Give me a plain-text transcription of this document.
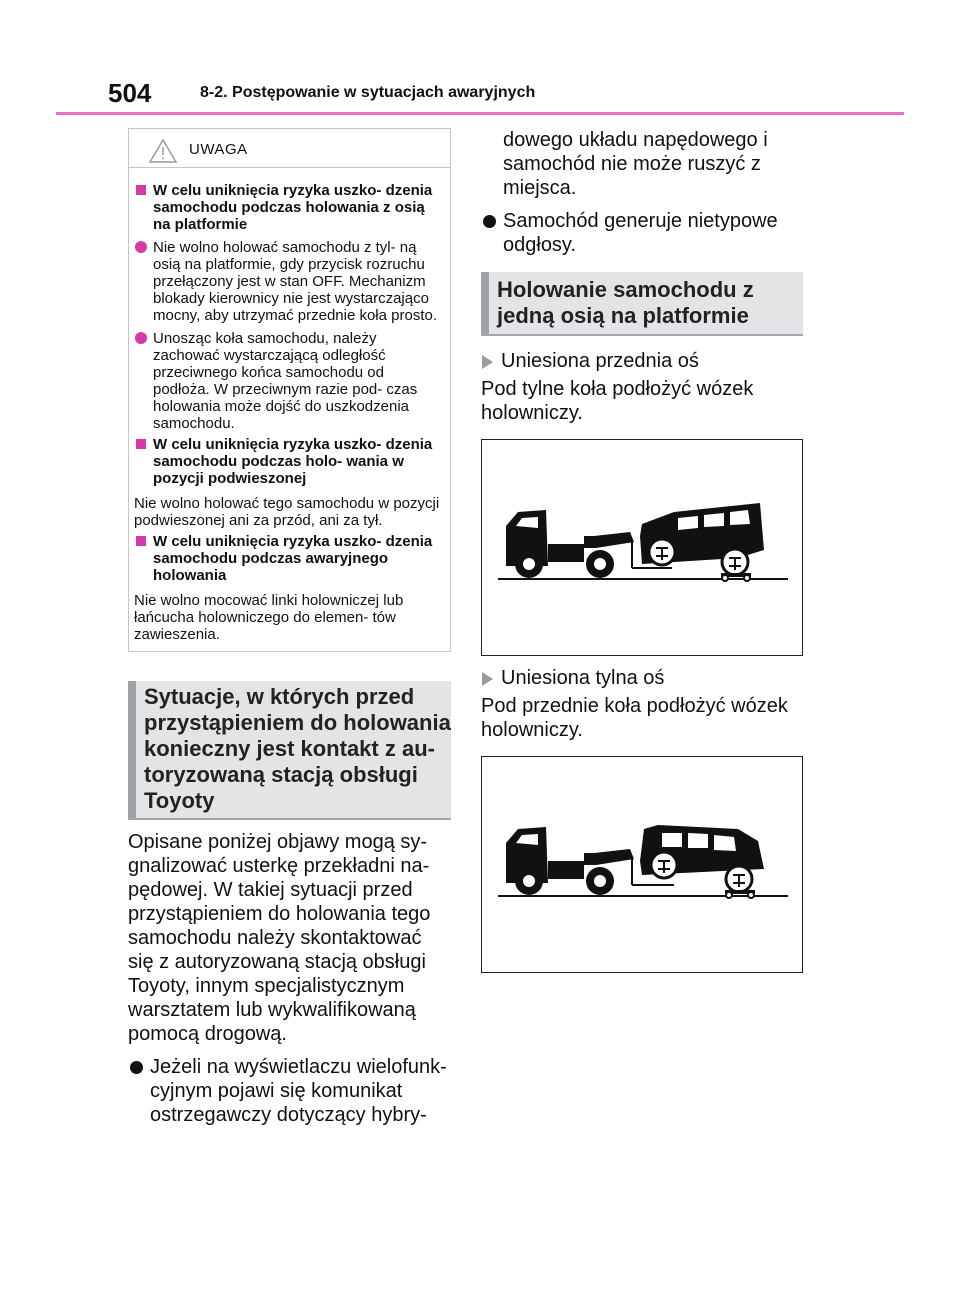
504	8-2. Postępowanie w sytuacjach awaryjnych
UWAGA
W celu uniknięcia ryzyka uszko- dzenia samochodu podczas holowania z osią na platformie
Nie wolno holować samochodu z tyl- ną osią na platformie, gdy przycisk rozruchu przełączony jest w stan OFF. Mechanizm blokady kierownicy nie jest wystarczająco mocny, aby utrzymać przednie koła prosto.
Unosząc koła samochodu, należy zachować wystarczającą odległość przeciwnego końca samochodu od podłoża. W przeciwnym razie pod- czas holowania może dojść do uszkodzenia samochodu.
W celu uniknięcia ryzyka uszko- dzenia samochodu podczas holo- wania w pozycji podwieszonej
Nie wolno holować tego samochodu w pozycji podwieszonej ani za przód, ani za tył.
W celu uniknięcia ryzyka uszko- dzenia samochodu podczas awaryjnego holowania
Nie wolno mocować linki holowniczej lub łańcucha holowniczego do elemen- tów zawieszenia.
Sytuacje, w których przed przystąpieniem do holowania konieczny jest kontakt z au- toryzowaną stacją obsługi Toyoty
Opisane poniżej objawy mogą sy- gnalizować usterkę przekładni na- pędowej. W takiej sytuacji przed przystąpieniem do holowania tego samochodu należy skontaktować się z autoryzowaną stacją obsługi Toyoty, innym specjalistycznym warsztatem lub wykwalifikowaną pomocą drogową.
Jeżeli na wyświetlaczu wielofunk- cyjnym pojawi się komunikat ostrzegawczy dotyczący hybry-
dowego układu napędowego i samochód nie może ruszyć z miejsca.
Samochód generuje nietypowe odgłosy.
Holowanie samochodu z jedną osią na platformie
Uniesiona przednia oś
Pod tylne koła podłożyć wózek holowniczy.
Uniesiona tylna oś
Pod przednie koła podłożyć wózek holowniczy.
